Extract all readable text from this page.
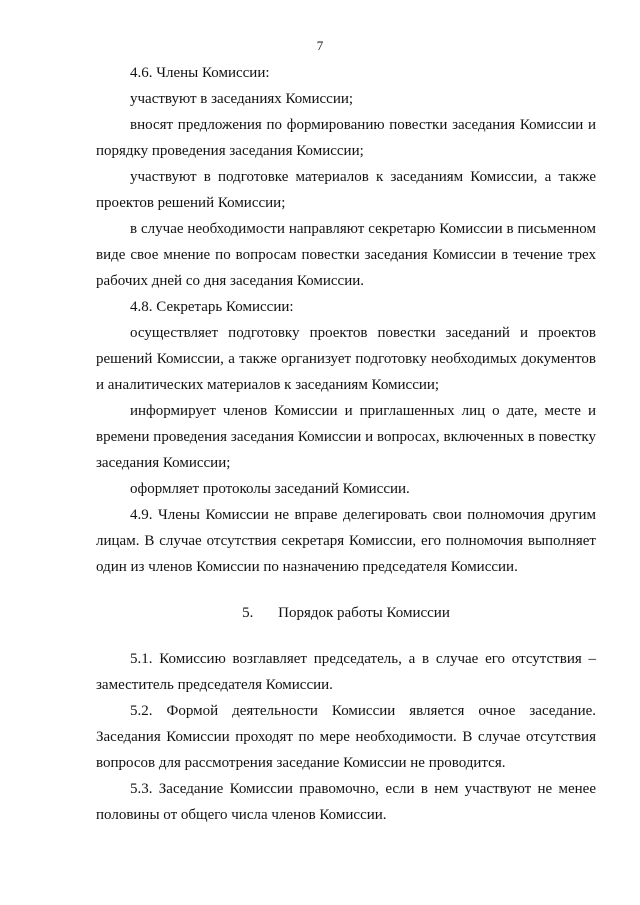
7

4.6. Члены Комиссии:

участвуют в заседаниях Комиссии;

вносят предложения по формированию повестки заседания Комиссии и порядку проведения заседания Комиссии;

участвуют в подготовке материалов к заседаниям Комиссии, а также проектов решений Комиссии;

в случае необходимости направляют секретарю Комиссии в письменном виде свое мнение по вопросам повестки заседания Комиссии в течение трех рабочих дней со дня заседания Комиссии.

4.8. Секретарь Комиссии:

осуществляет подготовку проектов повестки заседаний и проектов решений Комиссии, а также организует подготовку необходимых документов и аналитических материалов к заседаниям Комиссии;

информирует членов Комиссии и приглашенных лиц о дате, месте и времени проведения заседания Комиссии и вопросах, включенных в повестку заседания Комиссии;

оформляет протоколы заседаний Комиссии.

4.9. Члены Комиссии не вправе делегировать свои полномочия другим лицам. В случае отсутствия секретаря Комиссии, его полномочия выполняет один из членов Комиссии по назначению председателя Комиссии.

5. Порядок работы Комиссии

5.1. Комиссию возглавляет председатель, а в случае его отсутствия – заместитель председателя Комиссии.

5.2. Формой деятельности Комиссии является очное заседание. Заседания Комиссии проходят по мере необходимости. В случае отсутствия вопросов для рассмотрения заседание Комиссии не проводится.

5.3. Заседание Комиссии правомочно, если в нем участвуют не менее половины от общего числа членов Комиссии.
